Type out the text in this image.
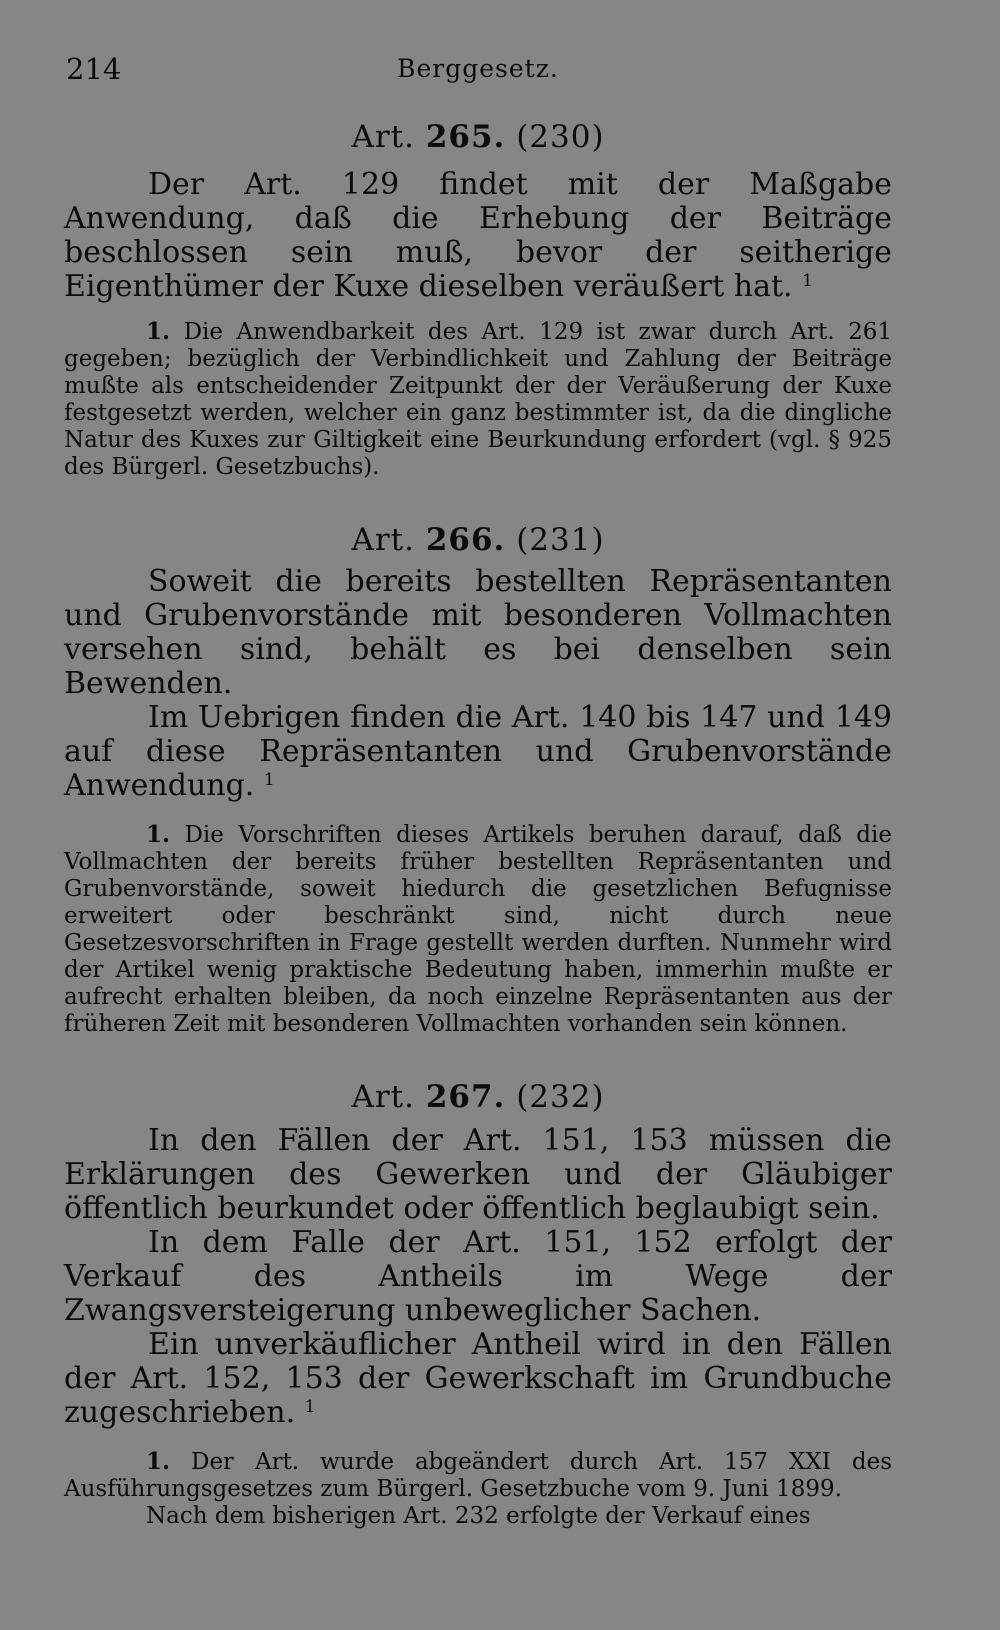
214	Berggesetz.
Art. 265. (230)

Der Art. 129 findet mit der Maßgabe Anwendung, daß die Erhebung der Beiträge beschlossen sein muß, bevor der seitherige Eigenthümer der Kuxe dieselben veräußert hat. $^1$

1. Die Anwendbarkeit des Art. 129 ist zwar durch Art. 261 gegeben; bezüglich der Verbindlichkeit und Zahlung der Beiträge mußte als entscheidender Zeitpunkt der der Veräußerung der Kuxe festgesetzt werden, welcher ein ganz bestimmter ist, da die dingliche Natur des Kuxes zur Giltigkeit eine Beurkundung erfordert (vgl. § 925 des Bürgerl. Gesetzbuchs).

Art. 266. (231)

Soweit die bereits bestellten Repräsentanten und Grubenvorstände mit besonderen Vollmachten versehen sind, behält es bei denselben sein Bewenden.

Im Uebrigen finden die Art. 140 bis 147 und 149 auf diese Repräsentanten und Grubenvorstände Anwendung. $^1$

1. Die Vorschriften dieses Artikels beruhen darauf, daß die Vollmachten der bereits früher bestellten Repräsentanten und Grubenvorstände, soweit hiedurch die gesetzlichen Befugnisse erweitert oder beschränkt sind, nicht durch neue Gesetzesvorschriften in Frage gestellt werden durften. Nunmehr wird der Artikel wenig praktische Bedeutung haben, immerhin mußte er aufrecht erhalten bleiben, da noch einzelne Repräsentanten aus der früheren Zeit mit besonderen Vollmachten vorhanden sein können.

Art. 267. (232)

In den Fällen der Art. 151, 153 müssen die Erklärungen des Gewerken und der Gläubiger öffentlich beurkundet oder öffentlich beglaubigt sein.

In dem Falle der Art. 151, 152 erfolgt der Verkauf des Antheils im Wege der Zwangsversteigerung unbeweglicher Sachen.

Ein unverkäuflicher Antheil wird in den Fällen der Art. 152, 153 der Gewerkschaft im Grundbuche zugeschrieben. $^1$

1. Der Art. wurde abgeändert durch Art. 157 XXI des Ausführungsgesetzes zum Bürgerl. Gesetzbuche vom 9. Juni 1899.

Nach dem bisherigen Art. 232 erfolgte der Verkauf eines
